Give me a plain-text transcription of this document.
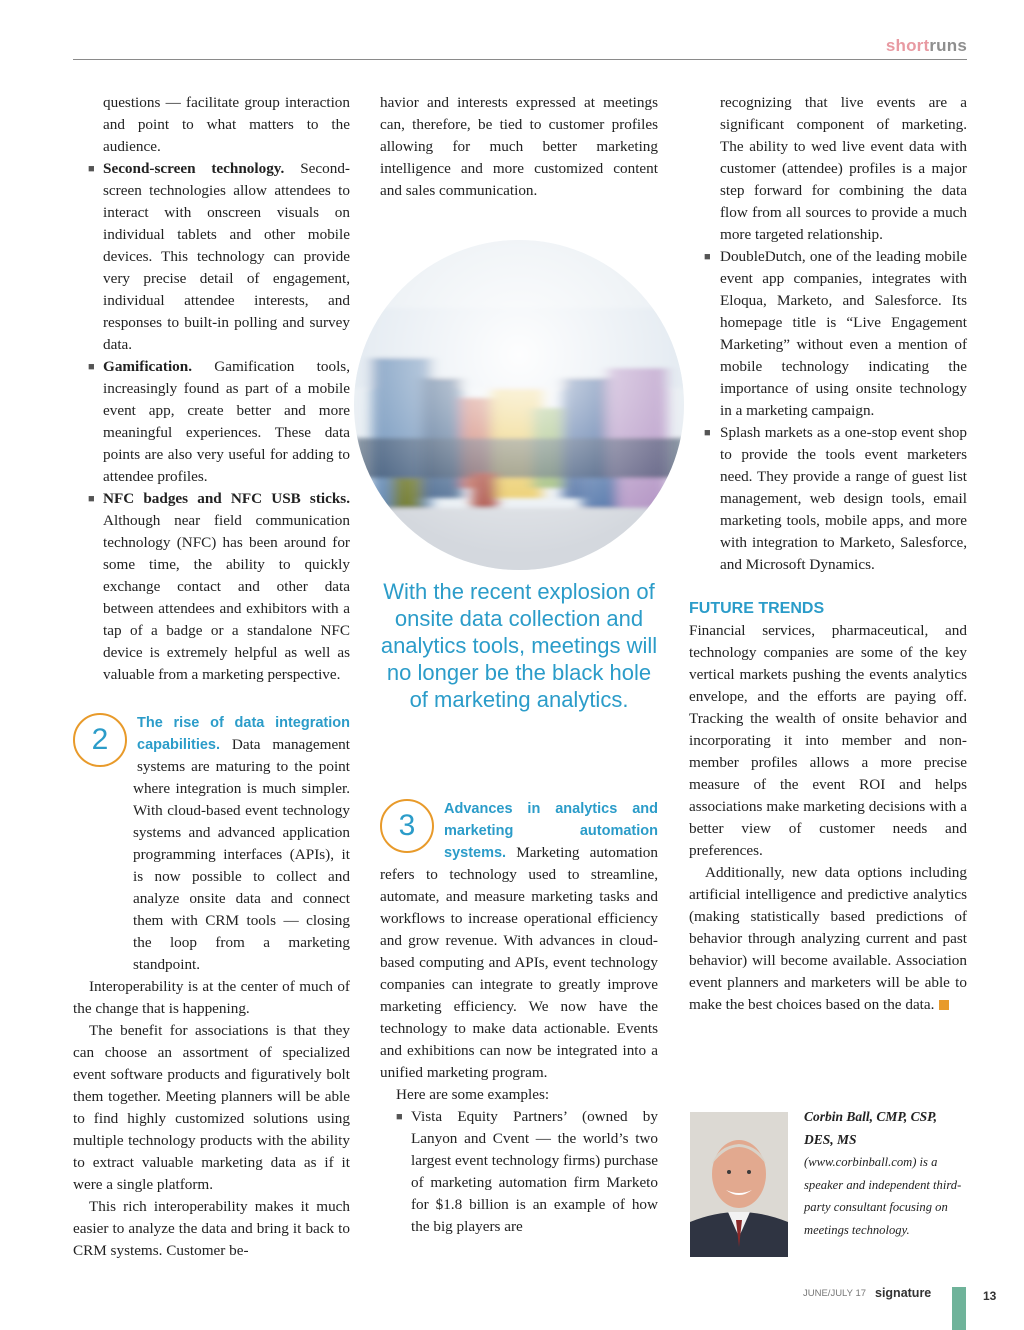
shortruns
questions — facilitate group interaction and point to what matters to the audience.
■ Second-screen technology. Second-screen technologies allow attendees to interact with onscreen visuals on individual tablets and other mobile devices. This technology can provide very precise detail of engagement, individual attendee interests, and responses to built-in polling and survey data.
■ Gamification. Gamification tools, increasingly found as part of a mobile event app, create better and more meaningful experiences. These data points are also very useful for adding to attendee profiles.
■ NFC badges and NFC USB sticks. Although near field communication technology (NFC) has been around for some time, the ability to quickly exchange contact and other data between attendees and exhibitors with a tap of a badge or a standalone NFC device is extremely helpful as well as valuable from a marketing perspective.
2	The rise of data integration capabilities. Data management systems are maturing to the point where integration is much simpler. With cloud-based event technology systems and advanced application programming interfaces (APIs), it is now possible to collect and analyze onsite data and connect them with CRM tools — closing the loop from a marketing standpoint.

Interoperability is at the center of much of the change that is happening.

The benefit for associations is that they can choose an assortment of specialized event software products and figuratively bolt them together. Meeting planners will be able to find highly customized solutions using multiple technology products with the ability to extract valuable marketing data as if it were a single platform.

This rich interoperability makes it much easier to analyze the data and bring it back to CRM systems. Customer be-

havior and interests expressed at meetings can, therefore, be tied to customer profiles allowing for much better marketing intelligence and more customized content and sales communication.

With the recent explosion of onsite data collection and analytics tools, meetings will no longer be the black hole of marketing analytics.
3	Advances in analytics and marketing automation systems. Marketing automation refers to technology used to streamline, automate, and measure marketing tasks and workflows to increase operational efficiency and grow revenue. With advances in cloud-based computing and APIs, event technology companies can integrate to greatly improve marketing efficiency. We now have the technology to make data actionable. Events and exhibitions can now be integrated into a unified marketing program.

Here are some examples:

■ Vista Equity Partners’ (owned by Lanyon and Cvent — the world’s two largest event technology firms) purchase of marketing automation firm Marketo for $1.8 billion is an example of how the big players are
recognizing that live events are a significant component of marketing. The ability to wed live event data with customer (attendee) profiles is a major step forward for combining the data flow from all sources to provide a much more targeted relationship.
■ DoubleDutch, one of the leading mobile event app companies, integrates with Eloqua, Marketo, and Salesforce. Its homepage title is “Live Engagement Marketing” without even a mention of mobile technology indicating the importance of using onsite technology in a marketing campaign.
■ Splash markets as a one-stop event shop to provide the tools event marketers need. They provide a range of guest list management, web design tools, email marketing tools, mobile apps, and more with integration to Marketo, Salesforce, and Microsoft Dynamics.
FUTURE TRENDS

Financial services, pharmaceutical, and technology companies are some of the key vertical markets pushing the events analytics envelope, and the efforts are paying off. Tracking the wealth of onsite behavior and incorporating it into member and non-member profiles allows a more precise measure of the event ROI and helps associations make marketing decisions with a better view of customer needs and preferences.

Additionally, new data options including artificial intelligence and predictive analytics (making statistically based predictions of behavior through analyzing current and past behavior) will become available. Association event planners and marketers will be able to make the best choices based on the data.

Corbin Ball, CMP, CSP, DES, MS (www.corbinball.com) is a speaker and independent third-party consultant focusing on meetings technology.
JUNE/JULY 17 signature	13
